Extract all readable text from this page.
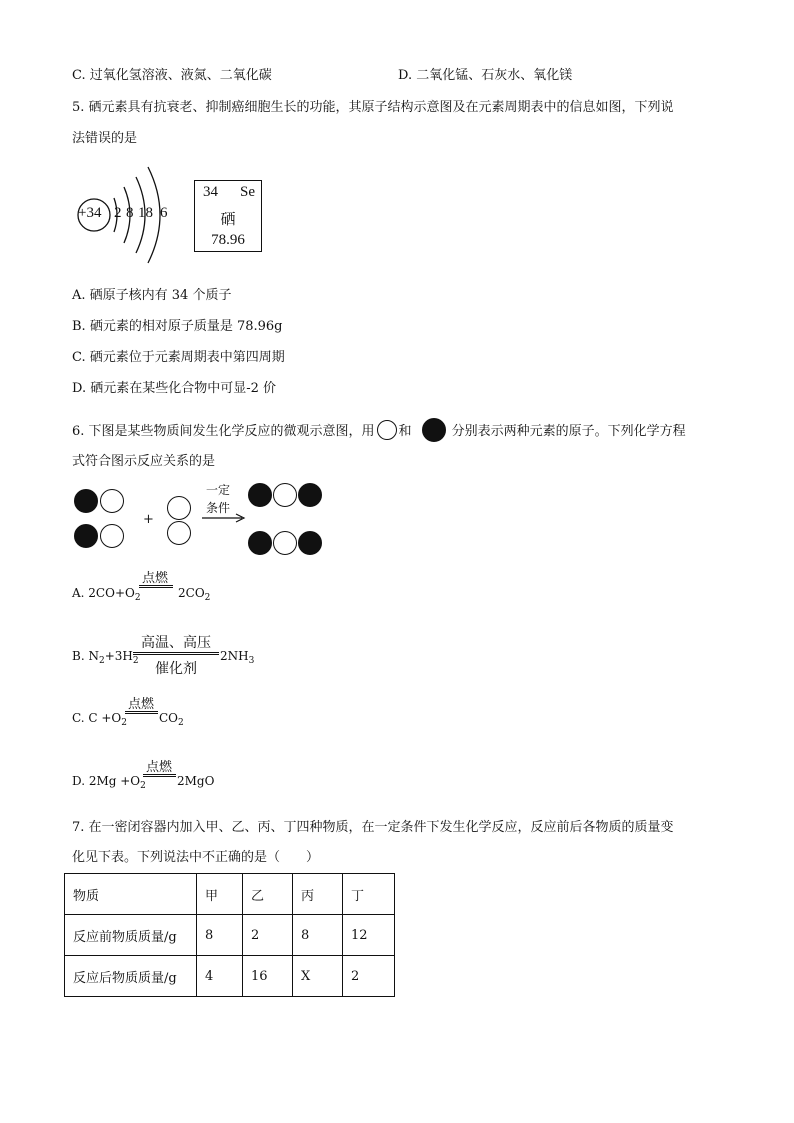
C. 过氧化氢溶液、液氮、二氧化碳	D. 二氧化锰、石灰水、氧化镁
5. 硒元素具有抗衰老、抑制癌细胞生长的功能，其原子结构示意图及在元素周期表中的信息如图，下列说
法错误的是
+34 2 8 18 6
34 Se
硒
78.96
A. 硒原子核内有 34 个质子
B. 硒元素的相对原子质量是 78.96g
C. 硒元素位于元素周期表中第四周期
D. 硒元素在某些化合物中可显-2 价
6. 下图是某些物质间发生化学反应的微观示意图，用 和	分别表示两种元素的原子。下列化学方程
式符合图示反应关系的是
+
一定
条件
A. $2CO+O_2$
点燃
$2CO_2$
B. $N_2+3H_2$
高温、高压
催化剂
$2NH_3$
C. $C +O_2$
点燃
$CO_2$
D. $2Mg +O_2$
点燃
2MgO
7. 在一密闭容器内加入甲、乙、丙、丁四种物质，在一定条件下发生化学反应，反应前后各物质的质量变
化见下表。下列说法中不正确的是（　　）
物质	甲	乙	丙	丁
反应前物质质量/g	8	2	8	12
反应后物质质量/g	4	16	X	2
